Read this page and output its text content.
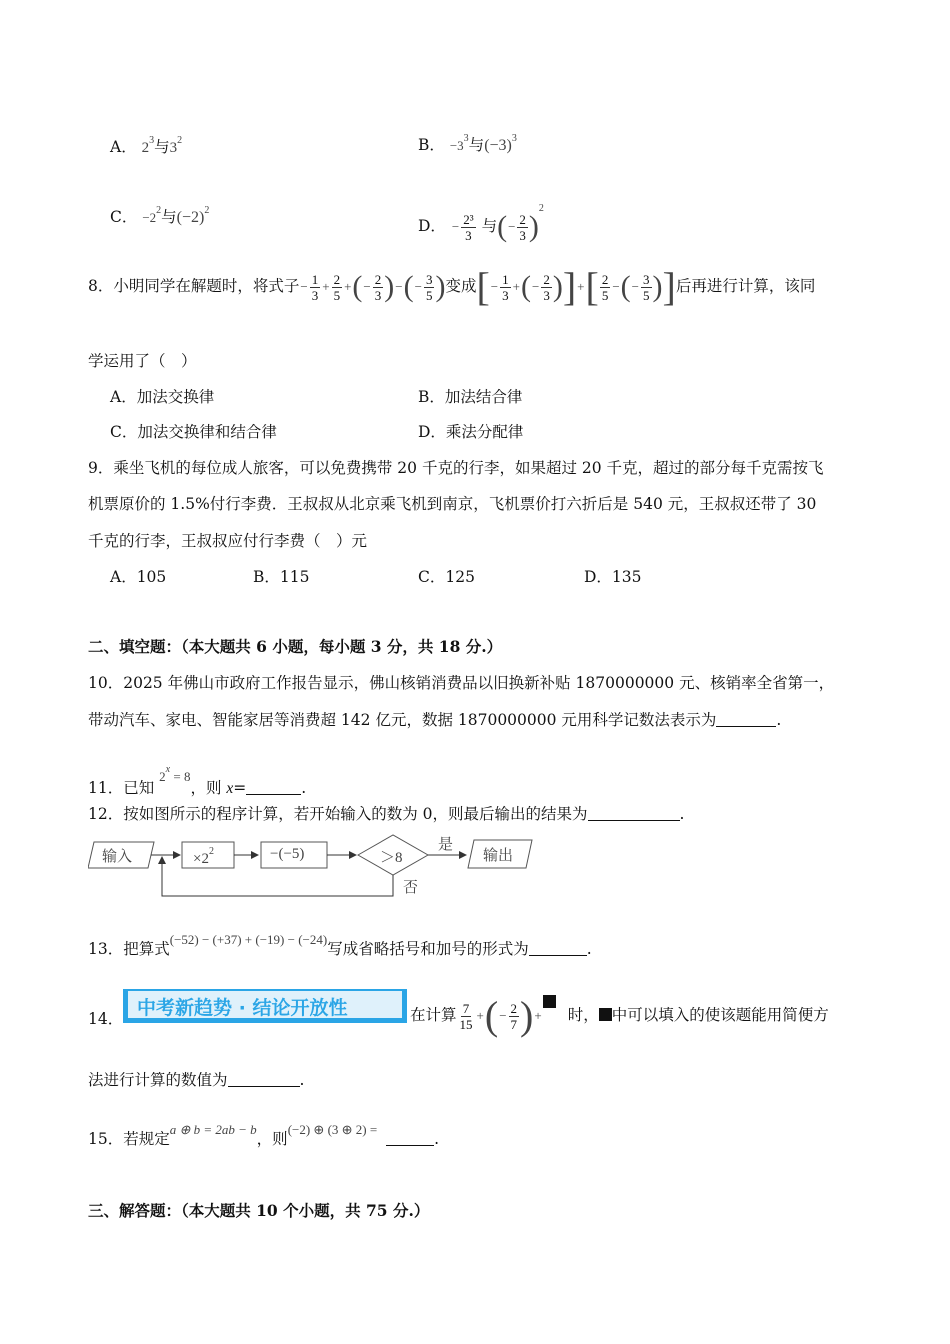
A． $2^3$与$3^2$	B． $-3^3$与$(-3)^3$
C． $-2^2$与$(-2)^2$
D． − $\frac{\text{2³}}{3}$ 与(− $\frac{2}{3} )^2$
8．小明同学在解题时，将式子− $\frac{1}{3} + \frac{2}{5}$ +(− $\frac{2}{3}$ )−(− $\frac{3}{5}$ )变成[− $\frac{1}{3}$ +(− $\frac{2}{3}$ )]+[ $\frac{2}{5}$ −(− $\frac{3}{5}$ )]后再进行计算，该同
学运用了（　）
A．加法交换律	B．加法结合律
C．加法交换律和结合律	D．乘法分配律
9．乘坐飞机的每位成人旅客，可以免费携带 20 千克的行李，如果超过 20 千克，超过的部分每千克需按飞
机票原价的 1.5%付行李费．王叔叔从北京乘飞机到南京，飞机票价打六折后是 540 元，王叔叔还带了 30
千克的行李，王叔叔应付行李费（　）元
A．105	B．115	C．125	D．135
二、填空题：（本大题共 6 小题，每小题 3 分，共 18 分.）
10．2025 年佛山市政府工作报告显示，佛山核销消费品以旧换新补贴 1870000000 元、核销率全省第一，
带动汽车、家电、智能家居等消费超 142 亿元，数据 1870000000 元用科学记数法表示为	.
11．已知 $^{2^x = 8}$，则 x=	.
12．按如图所示的程序计算，若开始输入的数为 0，则最后输出的结果为	.
输入	$\times 2^2$	−(−5)	＞8
是
输出
否
13．把算式$^{(-52) - (+37) + (-19) - (-24)}$写成省略括号和加号的形式为	.
14． 中考新趋势 · 结论开放性	在计算 $\frac{7}{15}$ +(− $\frac{2}{7}$ )+ 时， 中可以填入的使该题能用简便方
法进行计算的数值为	.
15．若规定$^{a \oplus b = 2ab - b}$，则$^{(-2) \oplus (3 \oplus 2) =}$ .
三、解答题：（本大题共 10 个小题，共 75 分.）
